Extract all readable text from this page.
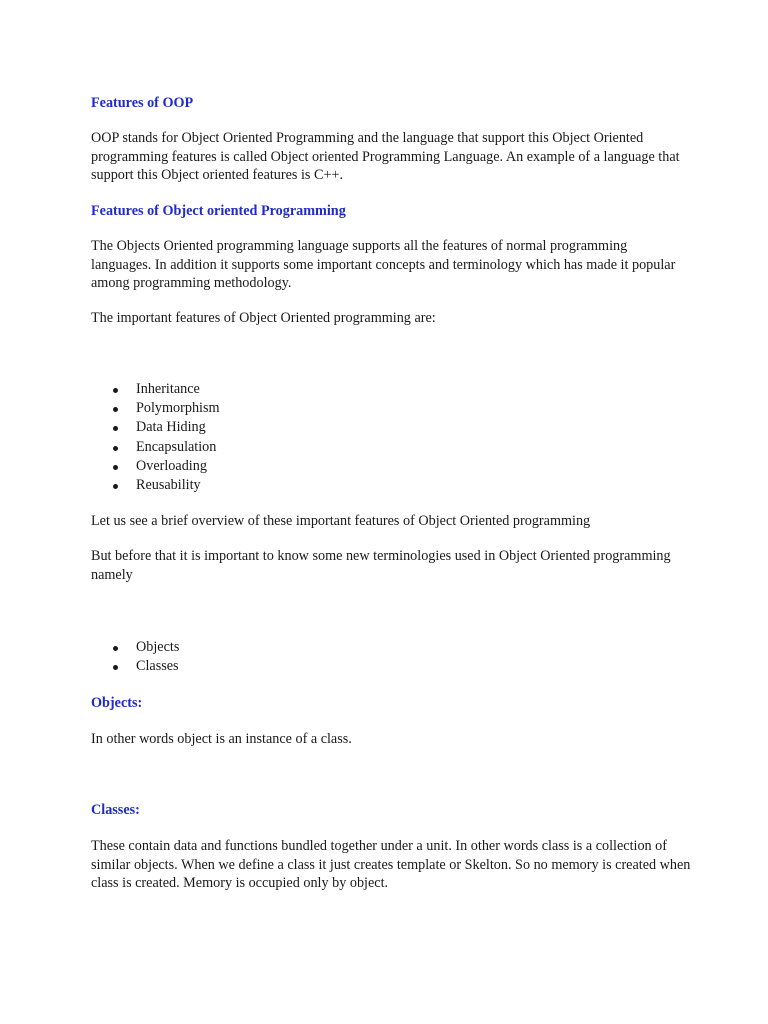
Features of OOP

OOP stands for Object Oriented Programming and the language that support this Object Oriented programming features is called Object oriented Programming Language. An example of a language that support this Object oriented features is C++.

Features of Object oriented Programming

The Objects Oriented programming language supports all the features of normal programming languages. In addition it supports some important concepts and terminology which has made it popular among programming methodology.

The important features of Object Oriented programming are:

Inheritance
Polymorphism
Data Hiding
Encapsulation
Overloading
Reusability

Let us see a brief overview of these important features of Object Oriented programming

But before that it is important to know some new terminologies used in Object Oriented programming namely

Objects
Classes
Objects:

In other words object is an instance of a class.

Classes:

These contain data and functions bundled together under a unit. In other words class is a collection of similar objects. When we define a class it just creates template or Skelton. So no memory is created when class is created. Memory is occupied only by object.
